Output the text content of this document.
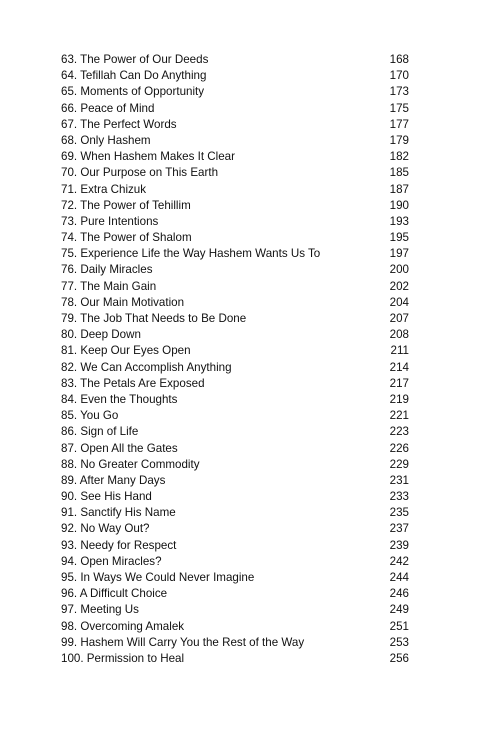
63. The Power of Our Deeds	168
64. Tefillah Can Do Anything	170
65. Moments of Opportunity	173
66. Peace of Mind	175
67. The Perfect Words	177
68. Only Hashem	179
69. When Hashem Makes It Clear	182
70. Our Purpose on This Earth	185
71. Extra Chizuk	187
72. The Power of Tehillim	190
73. Pure Intentions	193
74. The Power of Shalom	195
75. Experience Life the Way Hashem Wants Us To	197
76. Daily Miracles	200
77. The Main Gain	202
78. Our Main Motivation	204
79. The Job That Needs to Be Done	207
80. Deep Down	208
81. Keep Our Eyes Open	211
82. We Can Accomplish Anything	214
83. The Petals Are Exposed	217
84. Even the Thoughts	219
85. You Go	221
86. Sign of Life	223
87. Open All the Gates	226
88. No Greater Commodity	229
89. After Many Days	231
90. See His Hand	233
91. Sanctify His Name	235
92. No Way Out?	237
93. Needy for Respect	239
94. Open Miracles?	242
95. In Ways We Could Never Imagine	244
96. A Difficult Choice	246
97. Meeting Us	249
98. Overcoming Amalek	251
99. Hashem Will Carry You the Rest of the Way	253
100. Permission to Heal	256
